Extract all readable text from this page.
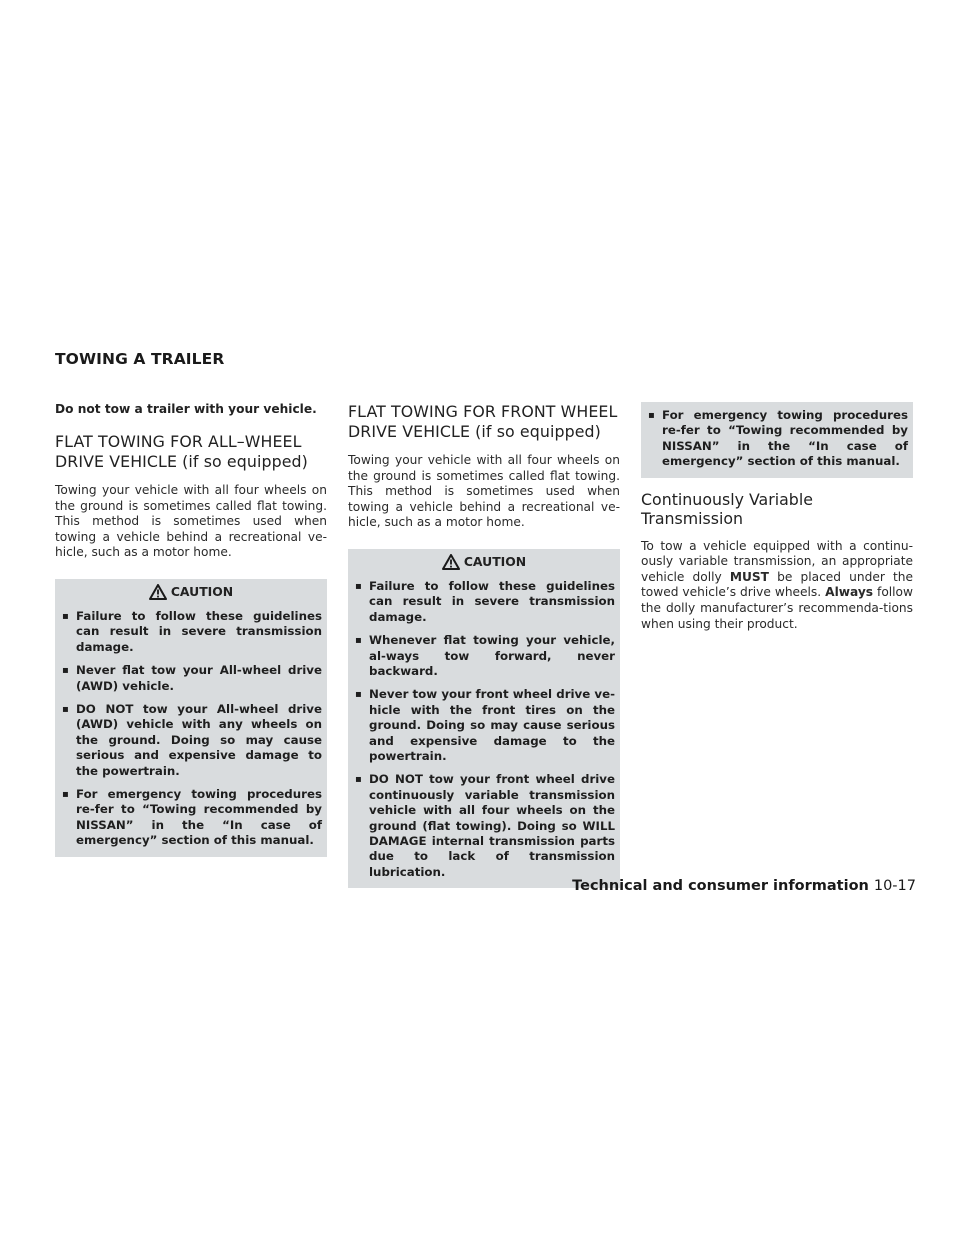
TOWING A TRAILER

Do not tow a trailer with your vehicle.

FLAT TOWING FOR ALL–WHEEL DRIVE VEHICLE (if so equipped)

Towing your vehicle with all four wheels on the ground is sometimes called flat towing. This method is sometimes used when towing a vehicle behind a recreational ve-hicle, such as a motor home.

CAUTION
▪ Failure to follow these guidelines can result in severe transmission damage.
▪ Never flat tow your All-wheel drive (AWD) vehicle.
▪ DO NOT tow your All-wheel drive (AWD) vehicle with any wheels on the ground. Doing so may cause serious and expensive damage to the powertrain.
▪ For emergency towing procedures re-fer to “Towing recommended by NISSAN” in the “In case of emergency” section of this manual.
FLAT TOWING FOR FRONT WHEEL DRIVE VEHICLE (if so equipped)

Towing your vehicle with all four wheels on the ground is sometimes called flat towing. This method is sometimes used when towing a vehicle behind a recreational ve-hicle, such as a motor home.

CAUTION
▪ Failure to follow these guidelines can result in severe transmission damage.
▪ Whenever flat towing your vehicle, al-ways tow forward, never backward.
▪ Never tow your front wheel drive ve-hicle with the front tires on the ground. Doing so may cause serious and expensive damage to the powertrain.
▪ DO NOT tow your front wheel drive continuously variable transmission vehicle with all four wheels on the ground (flat towing). Doing so WILL DAMAGE internal transmission parts due to lack of transmission lubrication.
▪ For emergency towing procedures re-fer to “Towing recommended by NISSAN” in the “In case of emergency” section of this manual.
Continuously Variable Transmission

To tow a vehicle equipped with a continu-ously variable transmission, an appropriate vehicle dolly MUST be placed under the towed vehicle’s drive wheels. Always follow the dolly manufacturer’s recommenda-tions when using their product.

Technical and consumer information 10-17
